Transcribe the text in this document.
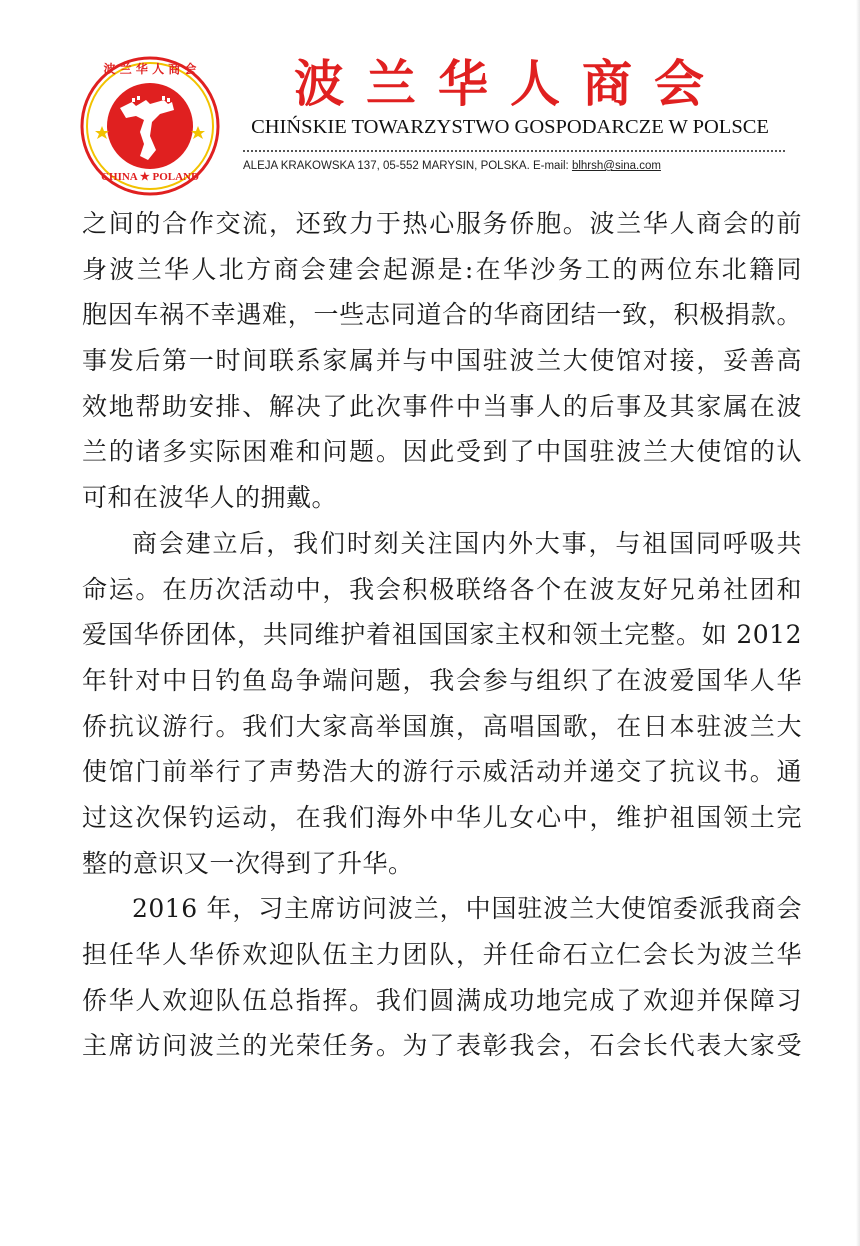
波 兰 华 人 商 会
CHINA ★ POLAND
波兰华人商会
CHIŃSKIE TOWARZYSTWO GOSPODARCZE W POLSCE
ALEJA KRAKOWSKA 137, 05-552 MARYSIN, POLSKA. E-mail: blhrsh@sina.com
之间的合作交流，还致力于热心服务侨胞。波兰华人商会的前
身波兰华人北方商会建会起源是:在华沙务工的两位东北籍同
胞因车祸不幸遇难，一些志同道合的华商团结一致，积极捐款。
事发后第一时间联系家属并与中国驻波兰大使馆对接，妥善高
效地帮助安排、解决了此次事件中当事人的后事及其家属在波
兰的诸多实际困难和问题。因此受到了中国驻波兰大使馆的认
可和在波华人的拥戴。
商会建立后，我们时刻关注国内外大事，与祖国同呼吸共
命运。在历次活动中，我会积极联络各个在波友好兄弟社团和
爱国华侨团体，共同维护着祖国国家主权和领土完整。如 2012
年针对中日钓鱼岛争端问题，我会参与组织了在波爱国华人华
侨抗议游行。我们大家高举国旗，高唱国歌，在日本驻波兰大
使馆门前举行了声势浩大的游行示威活动并递交了抗议书。通
过这次保钓运动，在我们海外中华儿女心中，维护祖国领土完
整的意识又一次得到了升华。
2016 年，习主席访问波兰，中国驻波兰大使馆委派我商会
担任华人华侨欢迎队伍主力团队，并任命石立仁会长为波兰华
侨华人欢迎队伍总指挥。我们圆满成功地完成了欢迎并保障习
主席访问波兰的光荣任务。为了表彰我会，石会长代表大家受
